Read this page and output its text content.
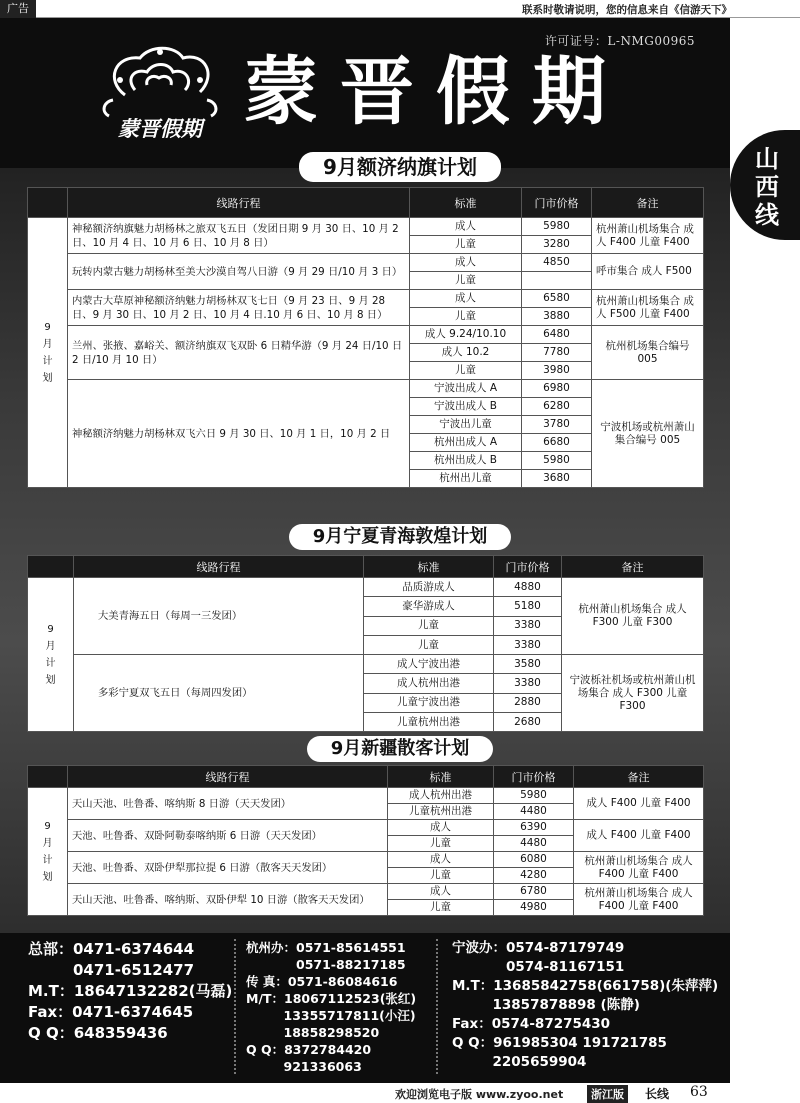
广告	联系时敬请说明，您的信息来自《信游天下》
许可证号：L-NMG00965
蒙晋假期 蒙晋假期
山西线
9月额济纳旗计划
	线路行程	标准	门市价格	备注

9
月
计
划	神秘额济纳旗魅力胡杨林之旅双飞五日（发团日期 9 月 30 日、10 月 2 日、10 月 4 日、10 月 6 日、10 月 8 日）	成人	5980	杭州萧山机场集合 成人 F400 儿童 F400
		儿童	3280	
	玩转内蒙古魅力胡杨林至美大沙漠自驾八日游（9 月 29 日/10 月 3 日）	成人	4850	呼市集合 成人 F500
		儿童		
	内蒙古大草原神秘额济纳魅力胡杨林双飞七日（9 月 23 日、9 月 28 日、9 月 30 日、10 月 2 日、10 月 4 日.10 月 6 日、10 月 8 日）	成人	6580	杭州萧山机场集合 成人 F500 儿童 F400
		儿童	3880	
	兰州、张掖、嘉峪关、额济纳旗双飞双卧 6 日精华游（9 月 24 日/10 日 2 日/10 月 10 日）	成人 9.24/10.10	6480	杭州机场集合编号 005
		成人 10.2	7780	
		儿童	3980	
	神秘额济纳魅力胡杨林双飞六日 9 月 30 日、10 月 1 日，10 月 2 日	宁波出成人 A	6980	宁波机场或杭州萧山集合编号 005
		宁波出成人 B	6280	
		宁波出儿童	3780	
		杭州出成人 A	6680	
		杭州出成人 B	5980	
		杭州出儿童	3680	
9月宁夏青海敦煌计划
	线路行程	标准	门市价格	备注

9
月
计
划	大美青海五日（每周一三发团）	品质游成人	4880	杭州萧山机场集合 成人 F300 儿童 F300
		豪华游成人	5180	
		儿童	3380	
		儿童	3380	
	多彩宁夏双飞五日（每周四发团）	成人宁波出港	3580	宁波栎社机场或杭州萧山机场集合 成人 F300 儿童 F300
		成人杭州出港	3380	
		儿童宁波出港	2880	
		儿童杭州出港	2680	
9月新疆散客计划
	线路行程	标准	门市价格	备注

9
月
计
划	天山天池、吐鲁番、喀纳斯 8 日游（天天发团）	成人杭州出港	5980	成人 F400 儿童 F400
		儿童杭州出港	4480	
	天池、吐鲁番、双卧阿勒泰喀纳斯 6 日游（天天发团）	成人	6390	成人 F400 儿童 F400
		儿童	4480	
	天池、吐鲁番、双卧伊犁那拉提 6 日游（散客天天发团）	成人	6080	杭州萧山机场集合 成人 F400 儿童 F400
		儿童	4280	
	天山天池、吐鲁番、喀纳斯、双卧伊犁 10 日游（散客天天发团）	成人	6780	杭州萧山机场集合 成人 F400 儿童 F400
		儿童	4980	
总部：0471-6374644
　　　0471-6512477
M.T：18647132282(马磊)
Fax：0471-6374645
Q Q：648359436
杭州办：0571-85614551
　　　　0571-88217185
传 真：0571-86084616
M/T：18067112523(张红)
　　　13355717811(小汪)
　　　18858298520
Q Q：8372784420
　　　921336063
宁波办：0574-87179749
　　　　0574-81167151
M.T：13685842758(661758)(朱萍萍)
　　　13857878898 (陈静)
Fax：0574-87275430
Q Q：961985304 191721785
　　　2205659904
欢迎浏览电子版 www.zyoo.net	浙江版	长线 63
